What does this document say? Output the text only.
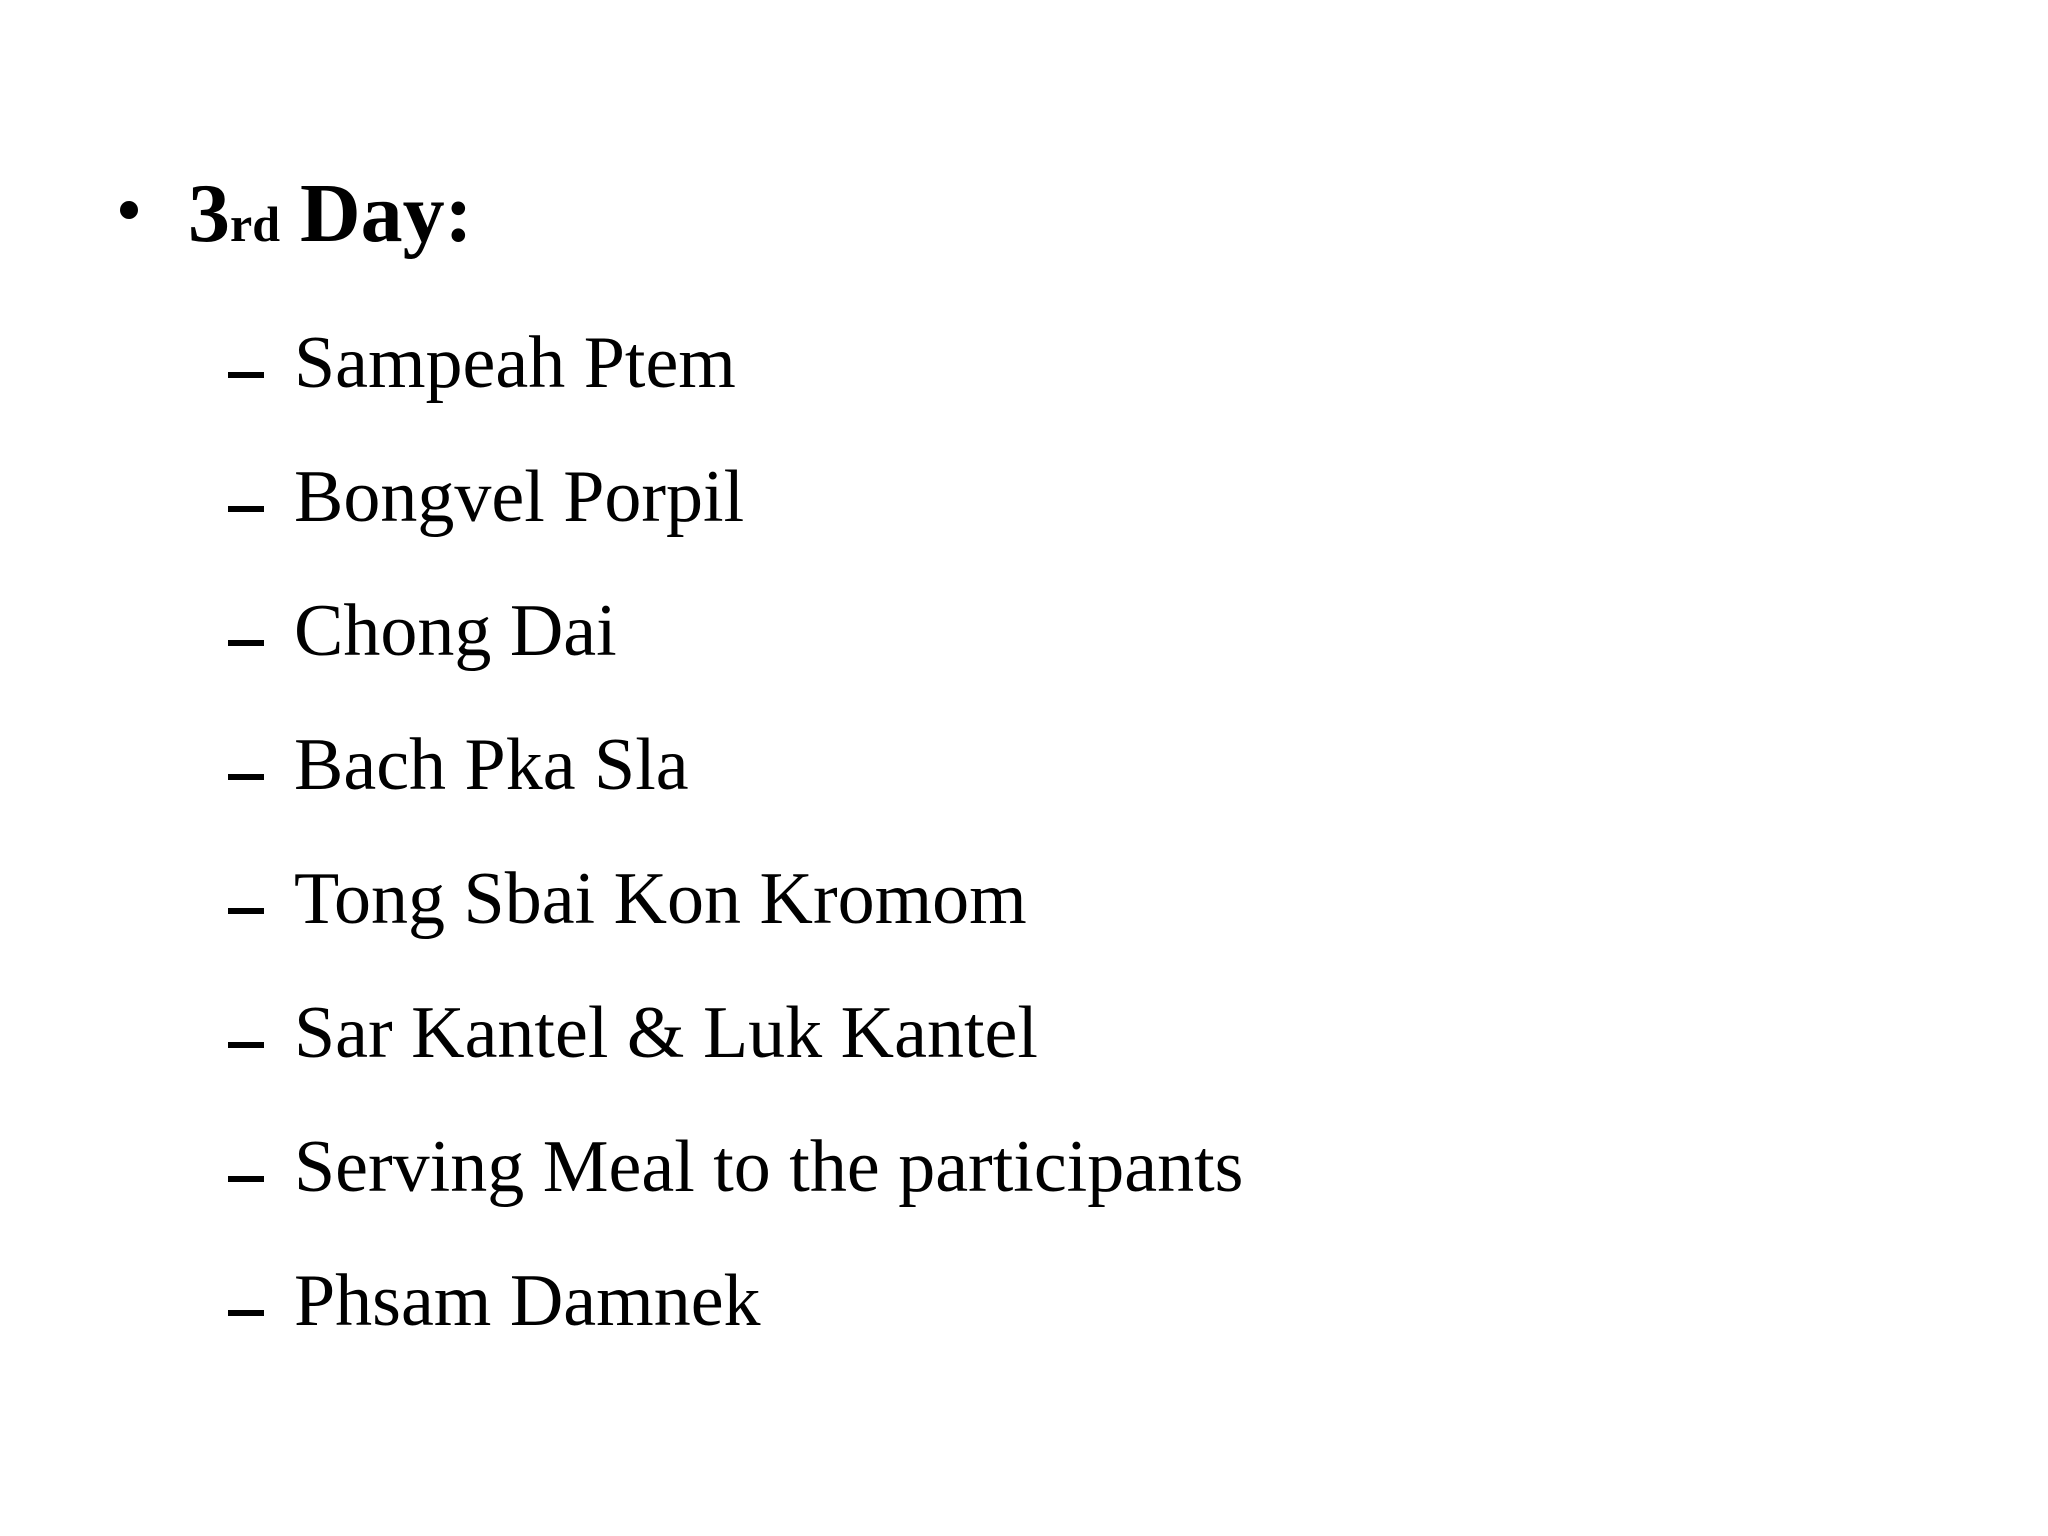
3 rd Day:
Sampeah Ptem
Bongvel Porpil
Chong Dai
Bach Pka Sla
Tong Sbai Kon Kromom
Sar Kantel & Luk Kantel
Serving Meal to the participants
Phsam Damnek
